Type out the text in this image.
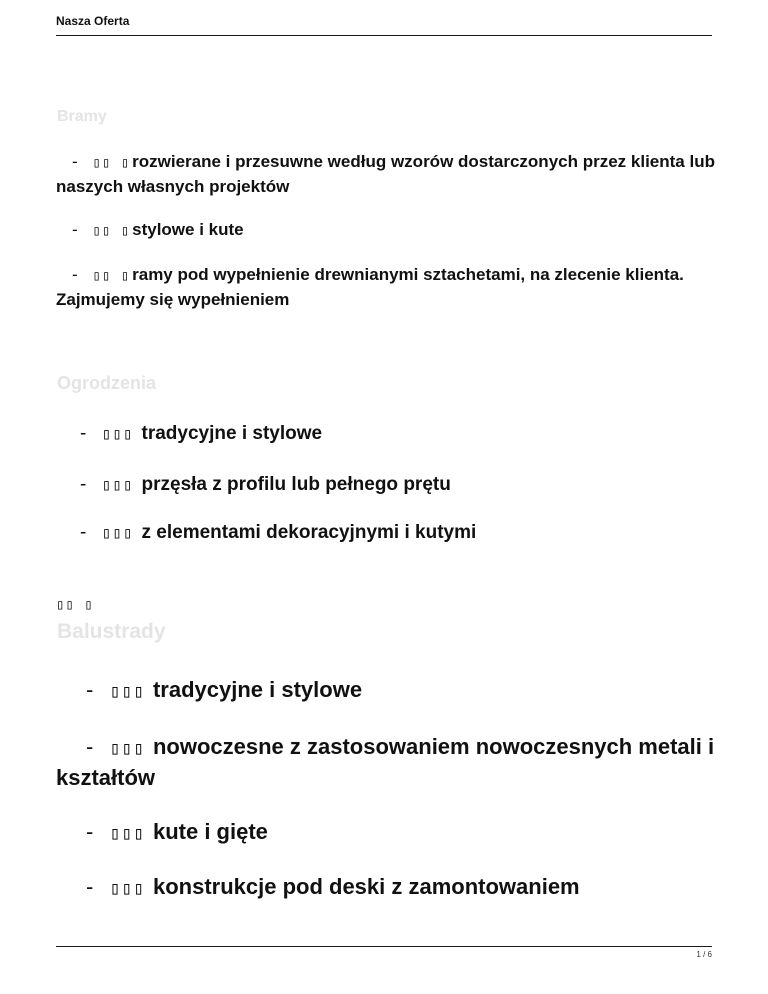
Nasza Oferta
Bramy
- ▯▯ ▯ rozwierane i przesuwne według wzorów dostarczonych przez klienta lub naszych własnych projektów
- ▯▯ ▯ stylowe i kute
- ▯▯ ▯ ramy pod wypełnienie drewnianymi sztachetami, na zlecenie klienta. Zajmujemy się wypełnieniem
Ogrodzenia
- ▯▯▯ tradycyjne i stylowe
- ▯▯▯ przęsła z profilu lub pełnego prętu
- ▯▯▯ z elementami dekoracyjnymi i kutymi
▯▯ ▯
Balustrady
- ▯▯▯ tradycyjne i stylowe
- ▯▯▯ nowoczesne z zastosowaniem nowoczesnych metali i kształtów
- ▯▯▯ kute i gięte
- ▯▯▯ konstrukcje pod deski z zamontowaniem
1 / 6
